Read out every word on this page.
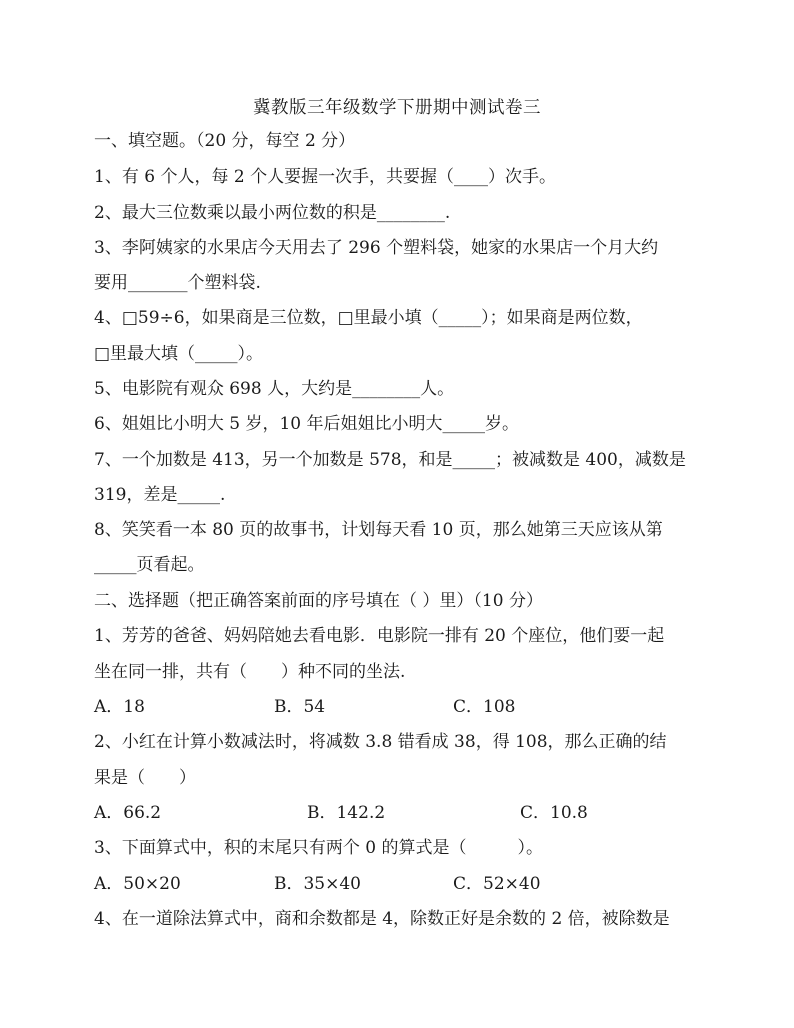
冀教版三年级数学下册期中测试卷三
一、填空题。（20 分，每空 2 分）
1、有 6 个人，每 2 个人要握一次手，共要握（____）次手。
2、最大三位数乘以最小两位数的积是________.
3、李阿姨家的水果店今天用去了 296 个塑料袋，她家的水果店一个月大约
要用_______个塑料袋.
4、□59÷6，如果商是三位数，□里最小填（_____）；如果商是两位数，
□里最大填（_____）。
5、电影院有观众 698 人，大约是________人。
6、姐姐比小明大 5 岁，10 年后姐姐比小明大_____岁。
7、一个加数是 413，另一个加数是 578，和是_____；被减数是 400，减数是
319，差是_____.
8、笑笑看一本 80 页的故事书，计划每天看 10 页，那么她第三天应该从第
_____页看起。
二、选择题（把正确答案前面的序号填在（ ）里）（10 分）
1、芳芳的爸爸、妈妈陪她去看电影．电影院一排有 20 个座位，他们要一起
坐在同一排，共有（　　）种不同的坐法.
A．18	B．54	C．108
2、小红在计算小数减法时，将减数 3.8 错看成 38，得 108，那么正确的结
果是（　　）
A．66.2	B．142.2	C．10.8
3、下面算式中，积的末尾只有两个 0 的算式是（　　　）。
A．50×20	B．35×40	C．52×40
4、在一道除法算式中，商和余数都是 4，除数正好是余数的 2 倍，被除数是
